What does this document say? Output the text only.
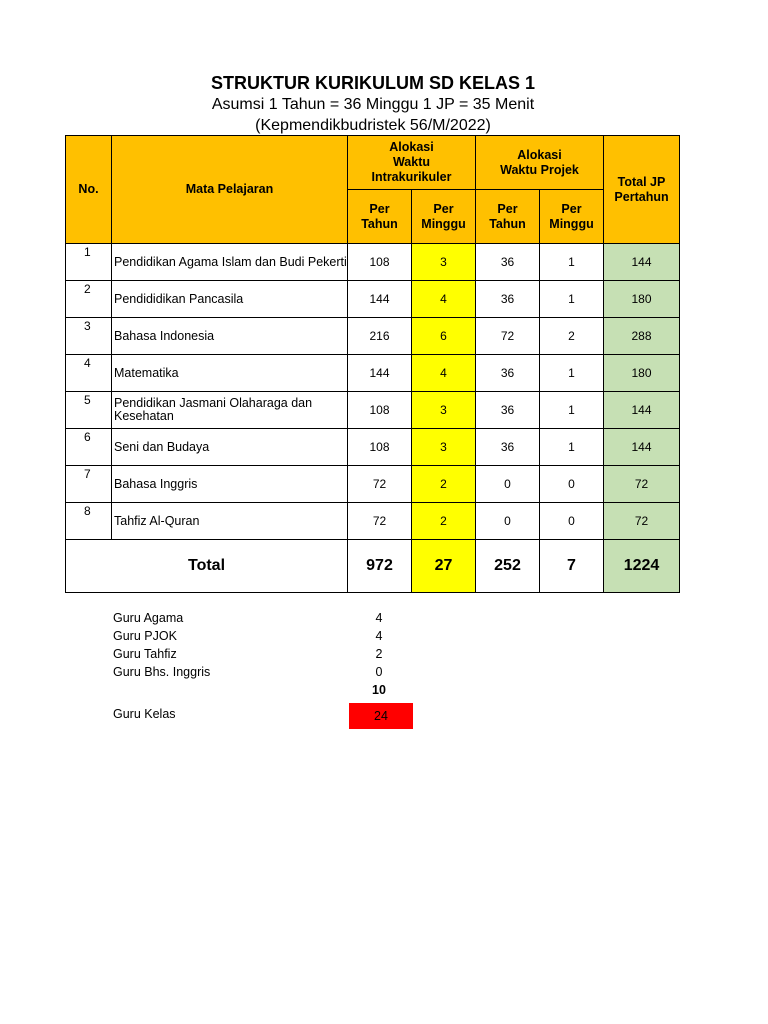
STRUKTUR KURIKULUM SD KELAS 1
Asumsi 1 Tahun = 36 Minggu 1 JP = 35 Menit
(Kepmendikbudristek 56/M/2022)
No.	Mata Pelajaran	Alokasi Waktu Intrakurikuler		Alokasi Waktu Projek		Total JP Pertahun
		Per Tahun	Per Minggu	Per Tahun	Per Minggu	
1	Pendidikan Agama Islam dan Budi Pekerti	108	3	36	1	144
2	Pendididikan Pancasila	144	4	36	1	180
3	Bahasa Indonesia	216	6	72	2	288
4	Matematika	144	4	36	1	180
5	Pendidikan Jasmani Olaharaga dan Kesehatan	108	3	36	1	144
6	Seni dan Budaya	108	3	36	1	144
7	Bahasa Inggris	72	2	0	0	72
8	Tahfiz Al-Quran	72	2	0	0	72
Total		972	27	252	7	1224
Guru Agama	4
Guru PJOK	4
Guru Tahfiz	2
Guru Bhs. Inggris	0
10
Guru Kelas	24
